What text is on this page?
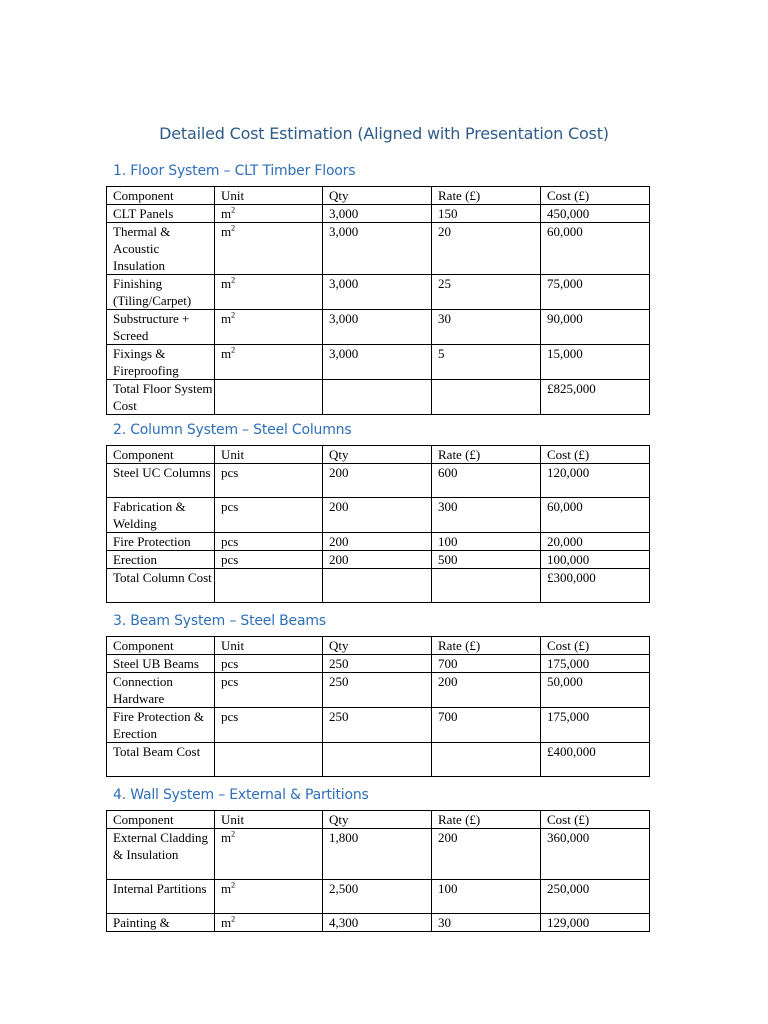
Detailed Cost Estimation (Aligned with Presentation Cost)
1. Floor System – CLT Timber Floors
Component	Unit	Qty	Rate (£)	Cost (£)
CLT Panels	$m^2$	3,000	150	450,000
Thermal & Acoustic Insulation	$m^2$	3,000	20	60,000
Finishing (Tiling/Carpet)	$m^2$	3,000	25	75,000
Substructure + Screed	$m^2$	3,000	30	90,000
Fixings & Fireproofing	$m^2$	3,000	5	15,000
Total Floor System Cost				£825,000
2. Column System – Steel Columns
Component	Unit	Qty	Rate (£)	Cost (£)
Steel UC Columns	pcs	200	600	120,000
Fabrication & Welding	pcs	200	300	60,000
Fire Protection	pcs	200	100	20,000
Erection	pcs	200	500	100,000
Total Column Cost				£300,000
3. Beam System – Steel Beams
Component	Unit	Qty	Rate (£)	Cost (£)
Steel UB Beams	pcs	250	700	175,000
Connection Hardware	pcs	250	200	50,000
Fire Protection & Erection	pcs	250	700	175,000
Total Beam Cost				£400,000
4. Wall System – External & Partitions
Component	Unit	Qty	Rate (£)	Cost (£)
External Cladding & Insulation	$m^2$	1,800	200	360,000
Internal Partitions	$m^2$	2,500	100	250,000
Painting &	$m^2$	4,300	30	129,000
